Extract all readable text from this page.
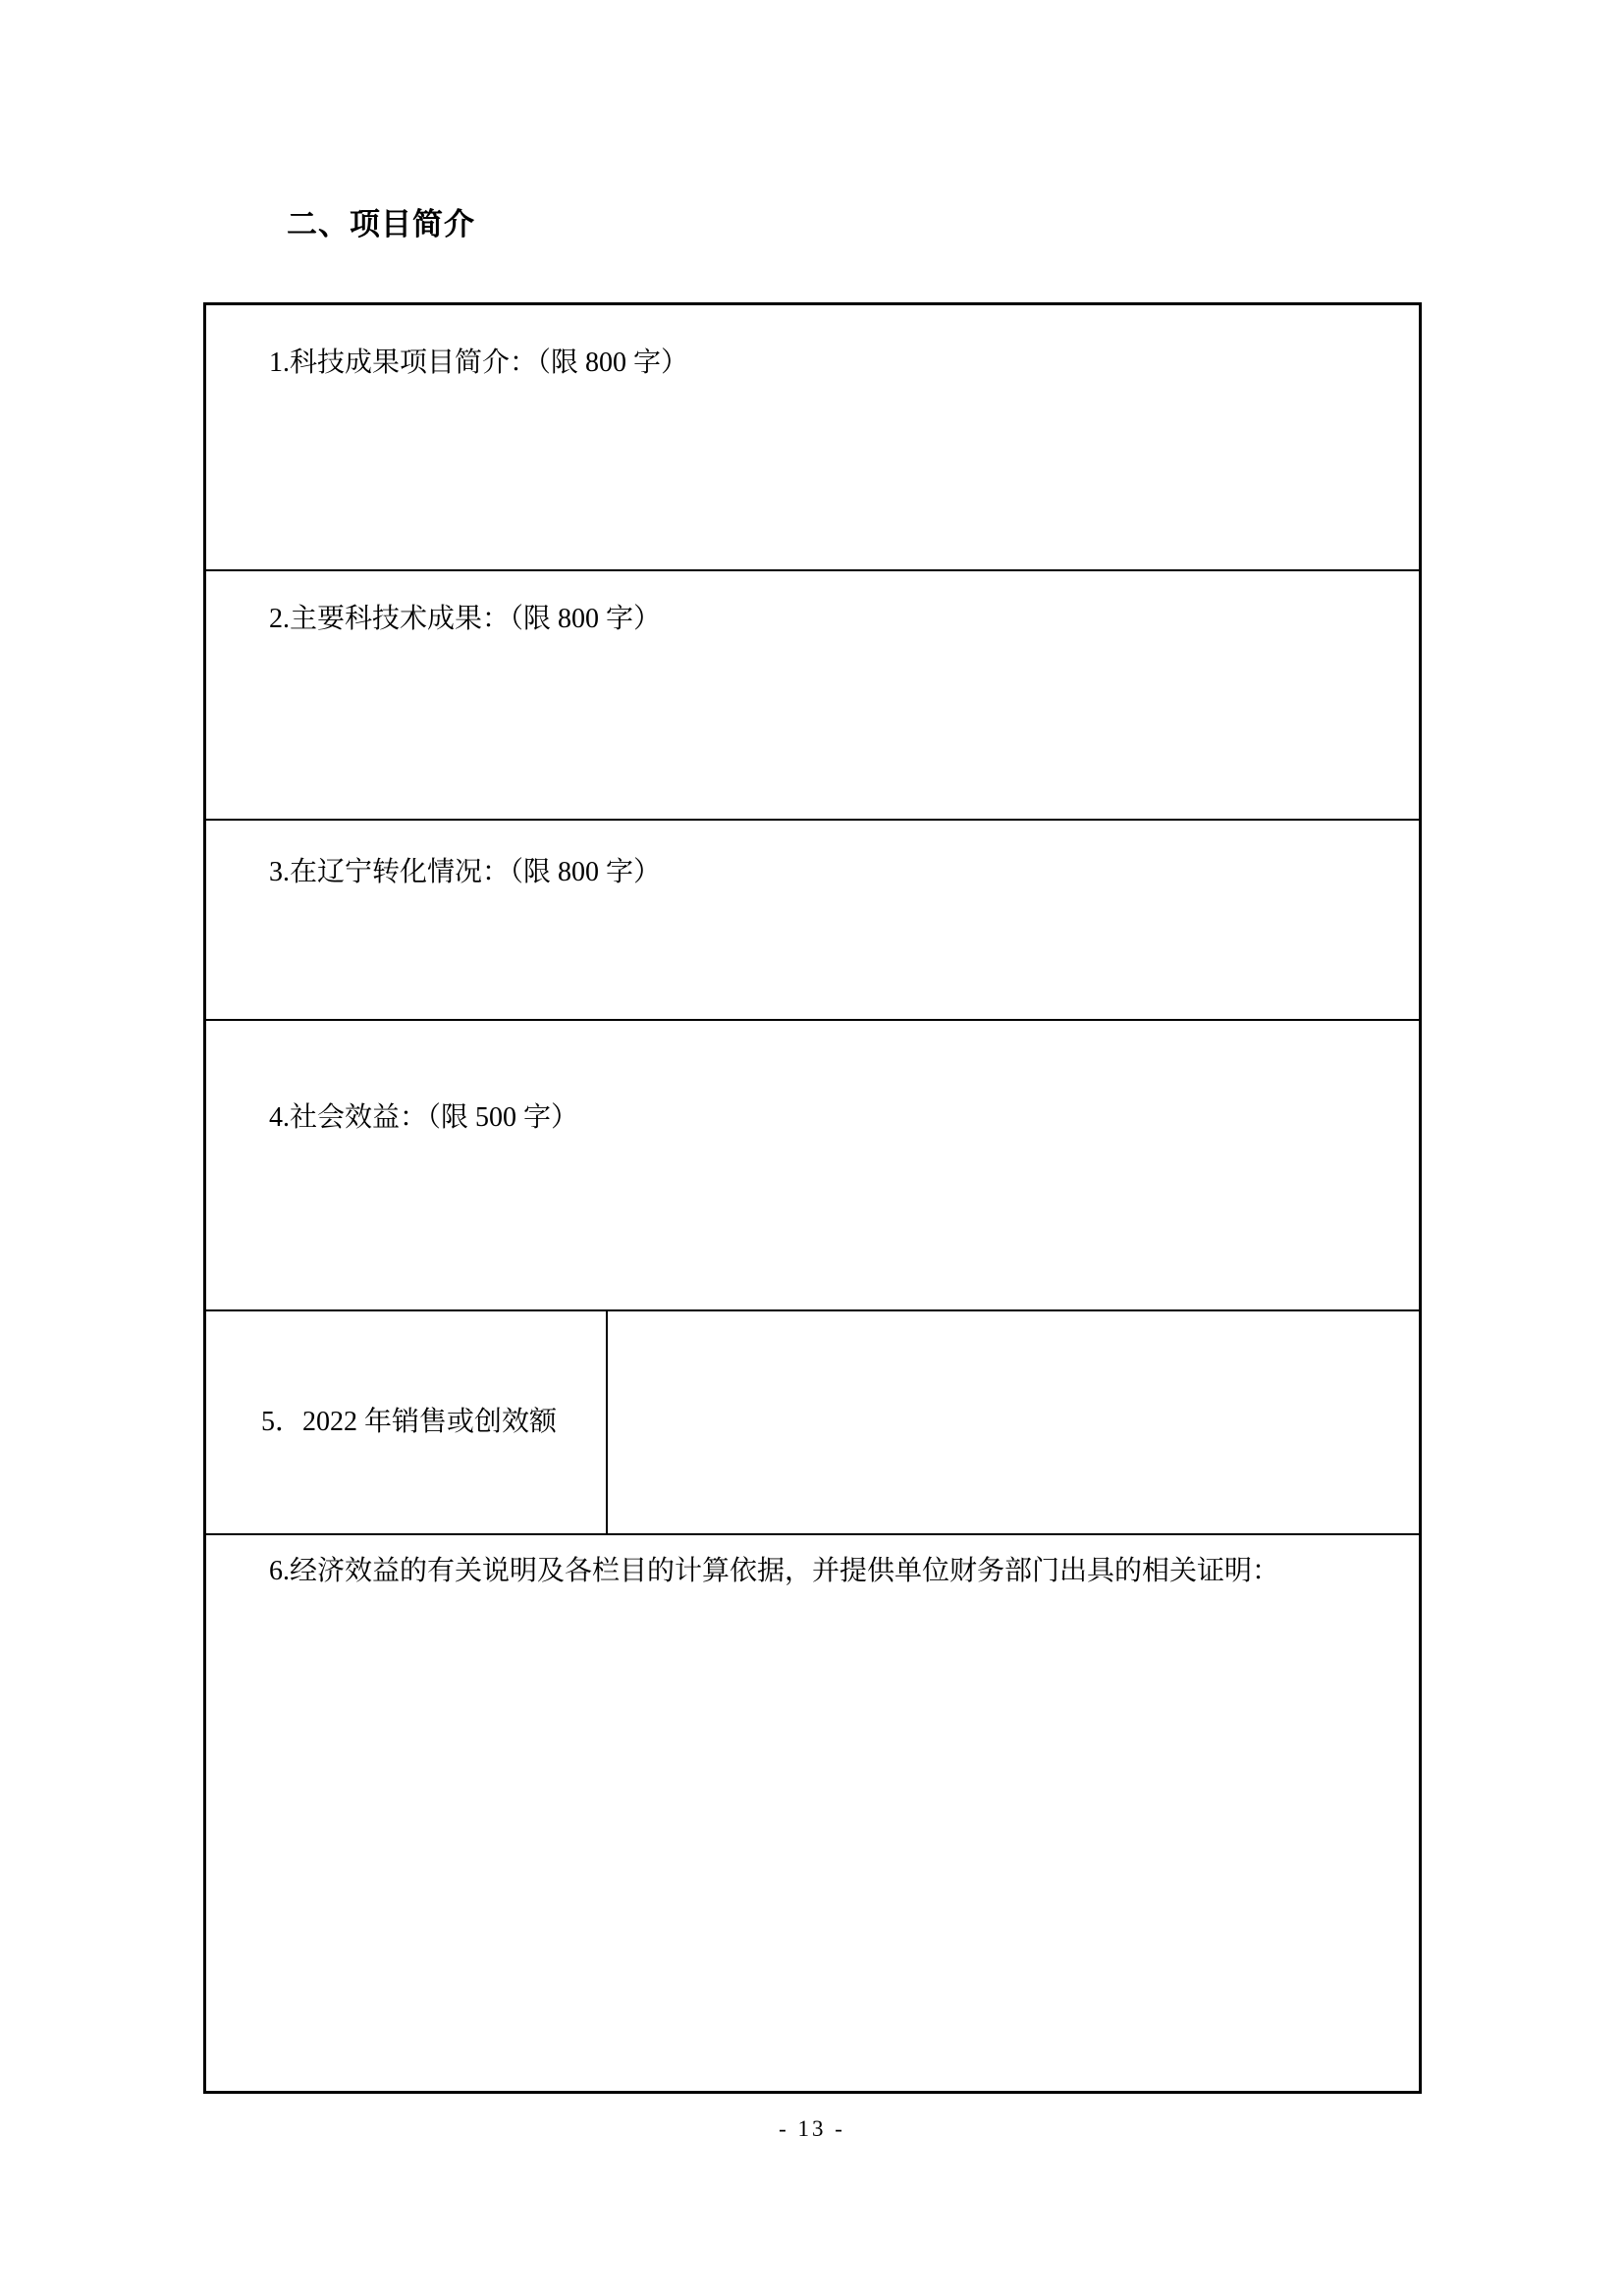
二、项目简介
1.科技成果项目简介：（限 800 字）
2.主要科技术成果：（限 800 字）
3.在辽宁转化情况：（限 800 字）
4.社会效益：（限 500 字）
5．2022 年销售或创效额
6.经济效益的有关说明及各栏目的计算依据，并提供单位财务部门出具的相关证明：
- 13 -
